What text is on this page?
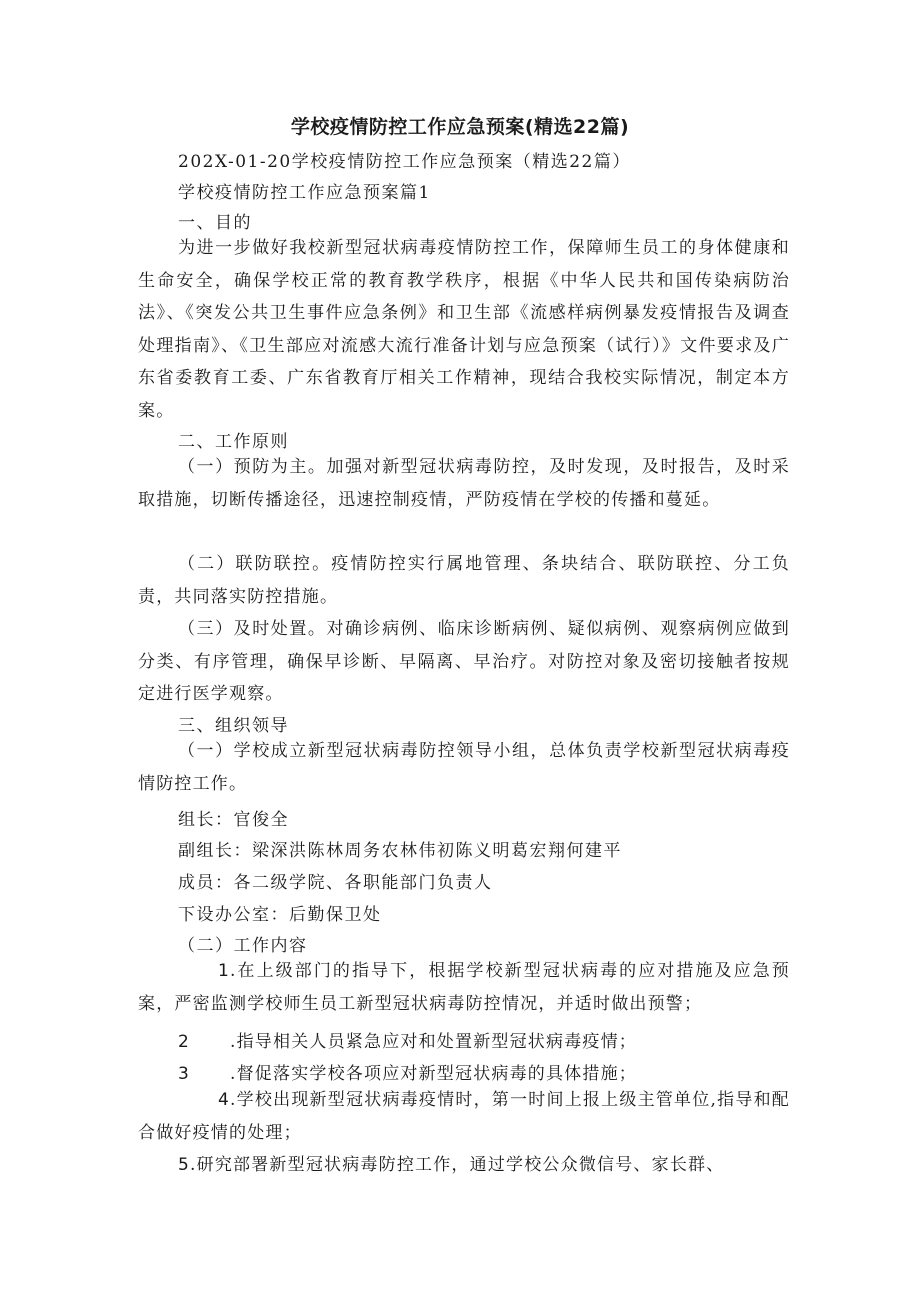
学校疫情防控工作应急预案(精选22篇)
202X-01-20学校疫情防控工作应急预案（精选22篇）
学校疫情防控工作应急预案篇1
一、目的
为进一步做好我校新型冠状病毒疫情防控工作，保障师生员工的身体健康和生命安全，确保学校正常的教育教学秩序，根据《中华人民共和国传染病防治法》、《突发公共卫生事件应急条例》和卫生部《流感样病例暴发疫情报告及调查处理指南》、《卫生部应对流感大流行准备计划与应急预案（试行）》文件要求及广东省委教育工委、广东省教育厅相关工作精神，现结合我校实际情况，制定本方案。
二、工作原则
（一）预防为主。加强对新型冠状病毒防控，及时发现，及时报告，及时采取措施，切断传播途径，迅速控制疫情，严防疫情在学校的传播和蔓延。
（二）联防联控。疫情防控实行属地管理、条块结合、联防联控、分工负责，共同落实防控措施。
（三）及时处置。对确诊病例、临床诊断病例、疑似病例、观察病例应做到分类、有序管理，确保早诊断、早隔离、早治疗。对防控对象及密切接触者按规定进行医学观察。
三、组织领导
（一）学校成立新型冠状病毒防控领导小组，总体负责学校新型冠状病毒疫情防控工作。
组长：官俊全
副组长：梁深洪陈林周务农林伟初陈义明葛宏翔何建平
成员：各二级学院、各职能部门负责人
下设办公室：后勤保卫处
（二）工作内容
1.在上级部门的指导下，根据学校新型冠状病毒的应对措施及应急预案，严密监测学校师生员工新型冠状病毒防控情况，并适时做出预警；
2 .指导相关人员紧急应对和处置新型冠状病毒疫情；
3 .督促落实学校各项应对新型冠状病毒的具体措施；
4.学校出现新型冠状病毒疫情时，第一时间上报上级主管单位,指导和配合做好疫情的处理；
5.研究部署新型冠状病毒防控工作，通过学校公众微信号、家长群、
